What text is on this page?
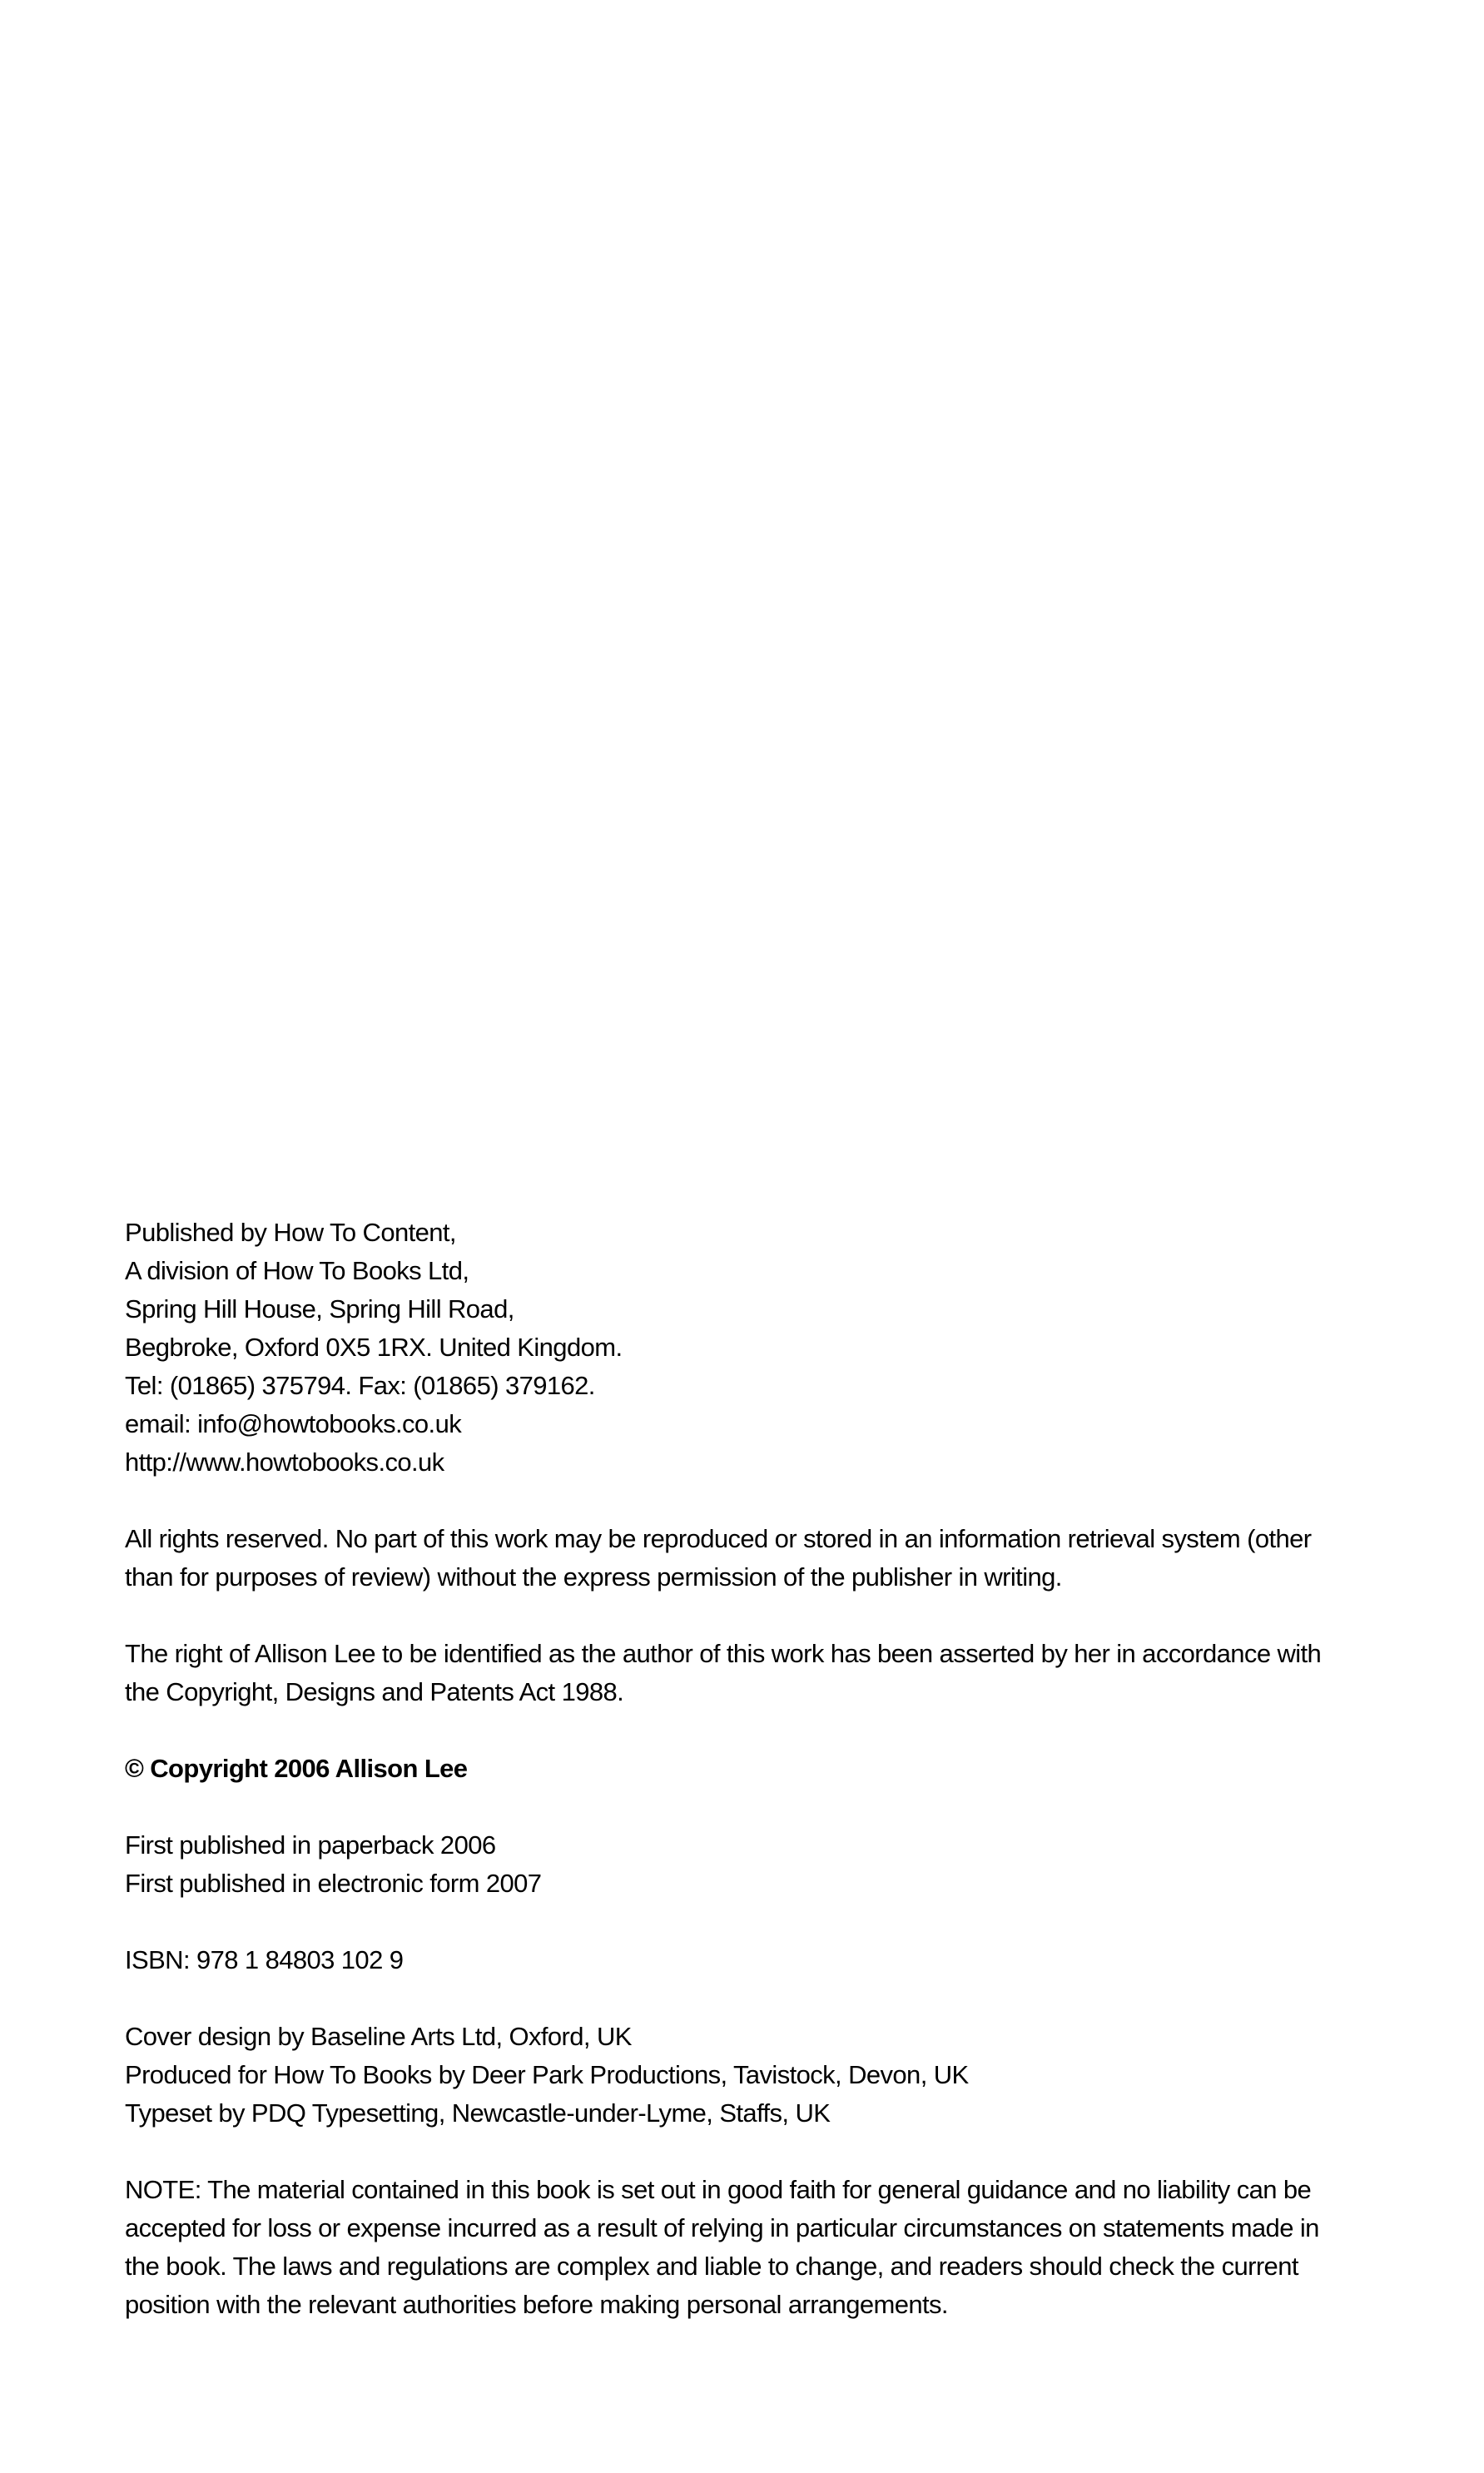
Published by How To Content,
A division of How To Books Ltd,
Spring Hill House, Spring Hill Road,
Begbroke, Oxford 0X5 1RX. United Kingdom.
Tel: (01865) 375794. Fax: (01865) 379162.
email: info@howtobooks.co.uk
http://www.howtobooks.co.uk
All rights reserved. No part of this work may be reproduced or stored in an information retrieval system (other
than for purposes of review) without the express permission of the publisher in writing.
The right of Allison Lee to be identified as the author of this work has been asserted by her in accordance with
the Copyright, Designs and Patents Act 1988.
© Copyright 2006 Allison Lee
First published in paperback 2006
First published in electronic form 2007
ISBN: 978 1 84803 102 9
Cover design by Baseline Arts Ltd, Oxford, UK
Produced for How To Books by Deer Park Productions, Tavistock, Devon, UK
Typeset by PDQ Typesetting, Newcastle-under-Lyme, Staffs, UK
NOTE: The material contained in this book is set out in good faith for general guidance and no liability can be
accepted for loss or expense incurred as a result of relying in particular circumstances on statements made in
the book. The laws and regulations are complex and liable to change, and readers should check the current
position with the relevant authorities before making personal arrangements.
